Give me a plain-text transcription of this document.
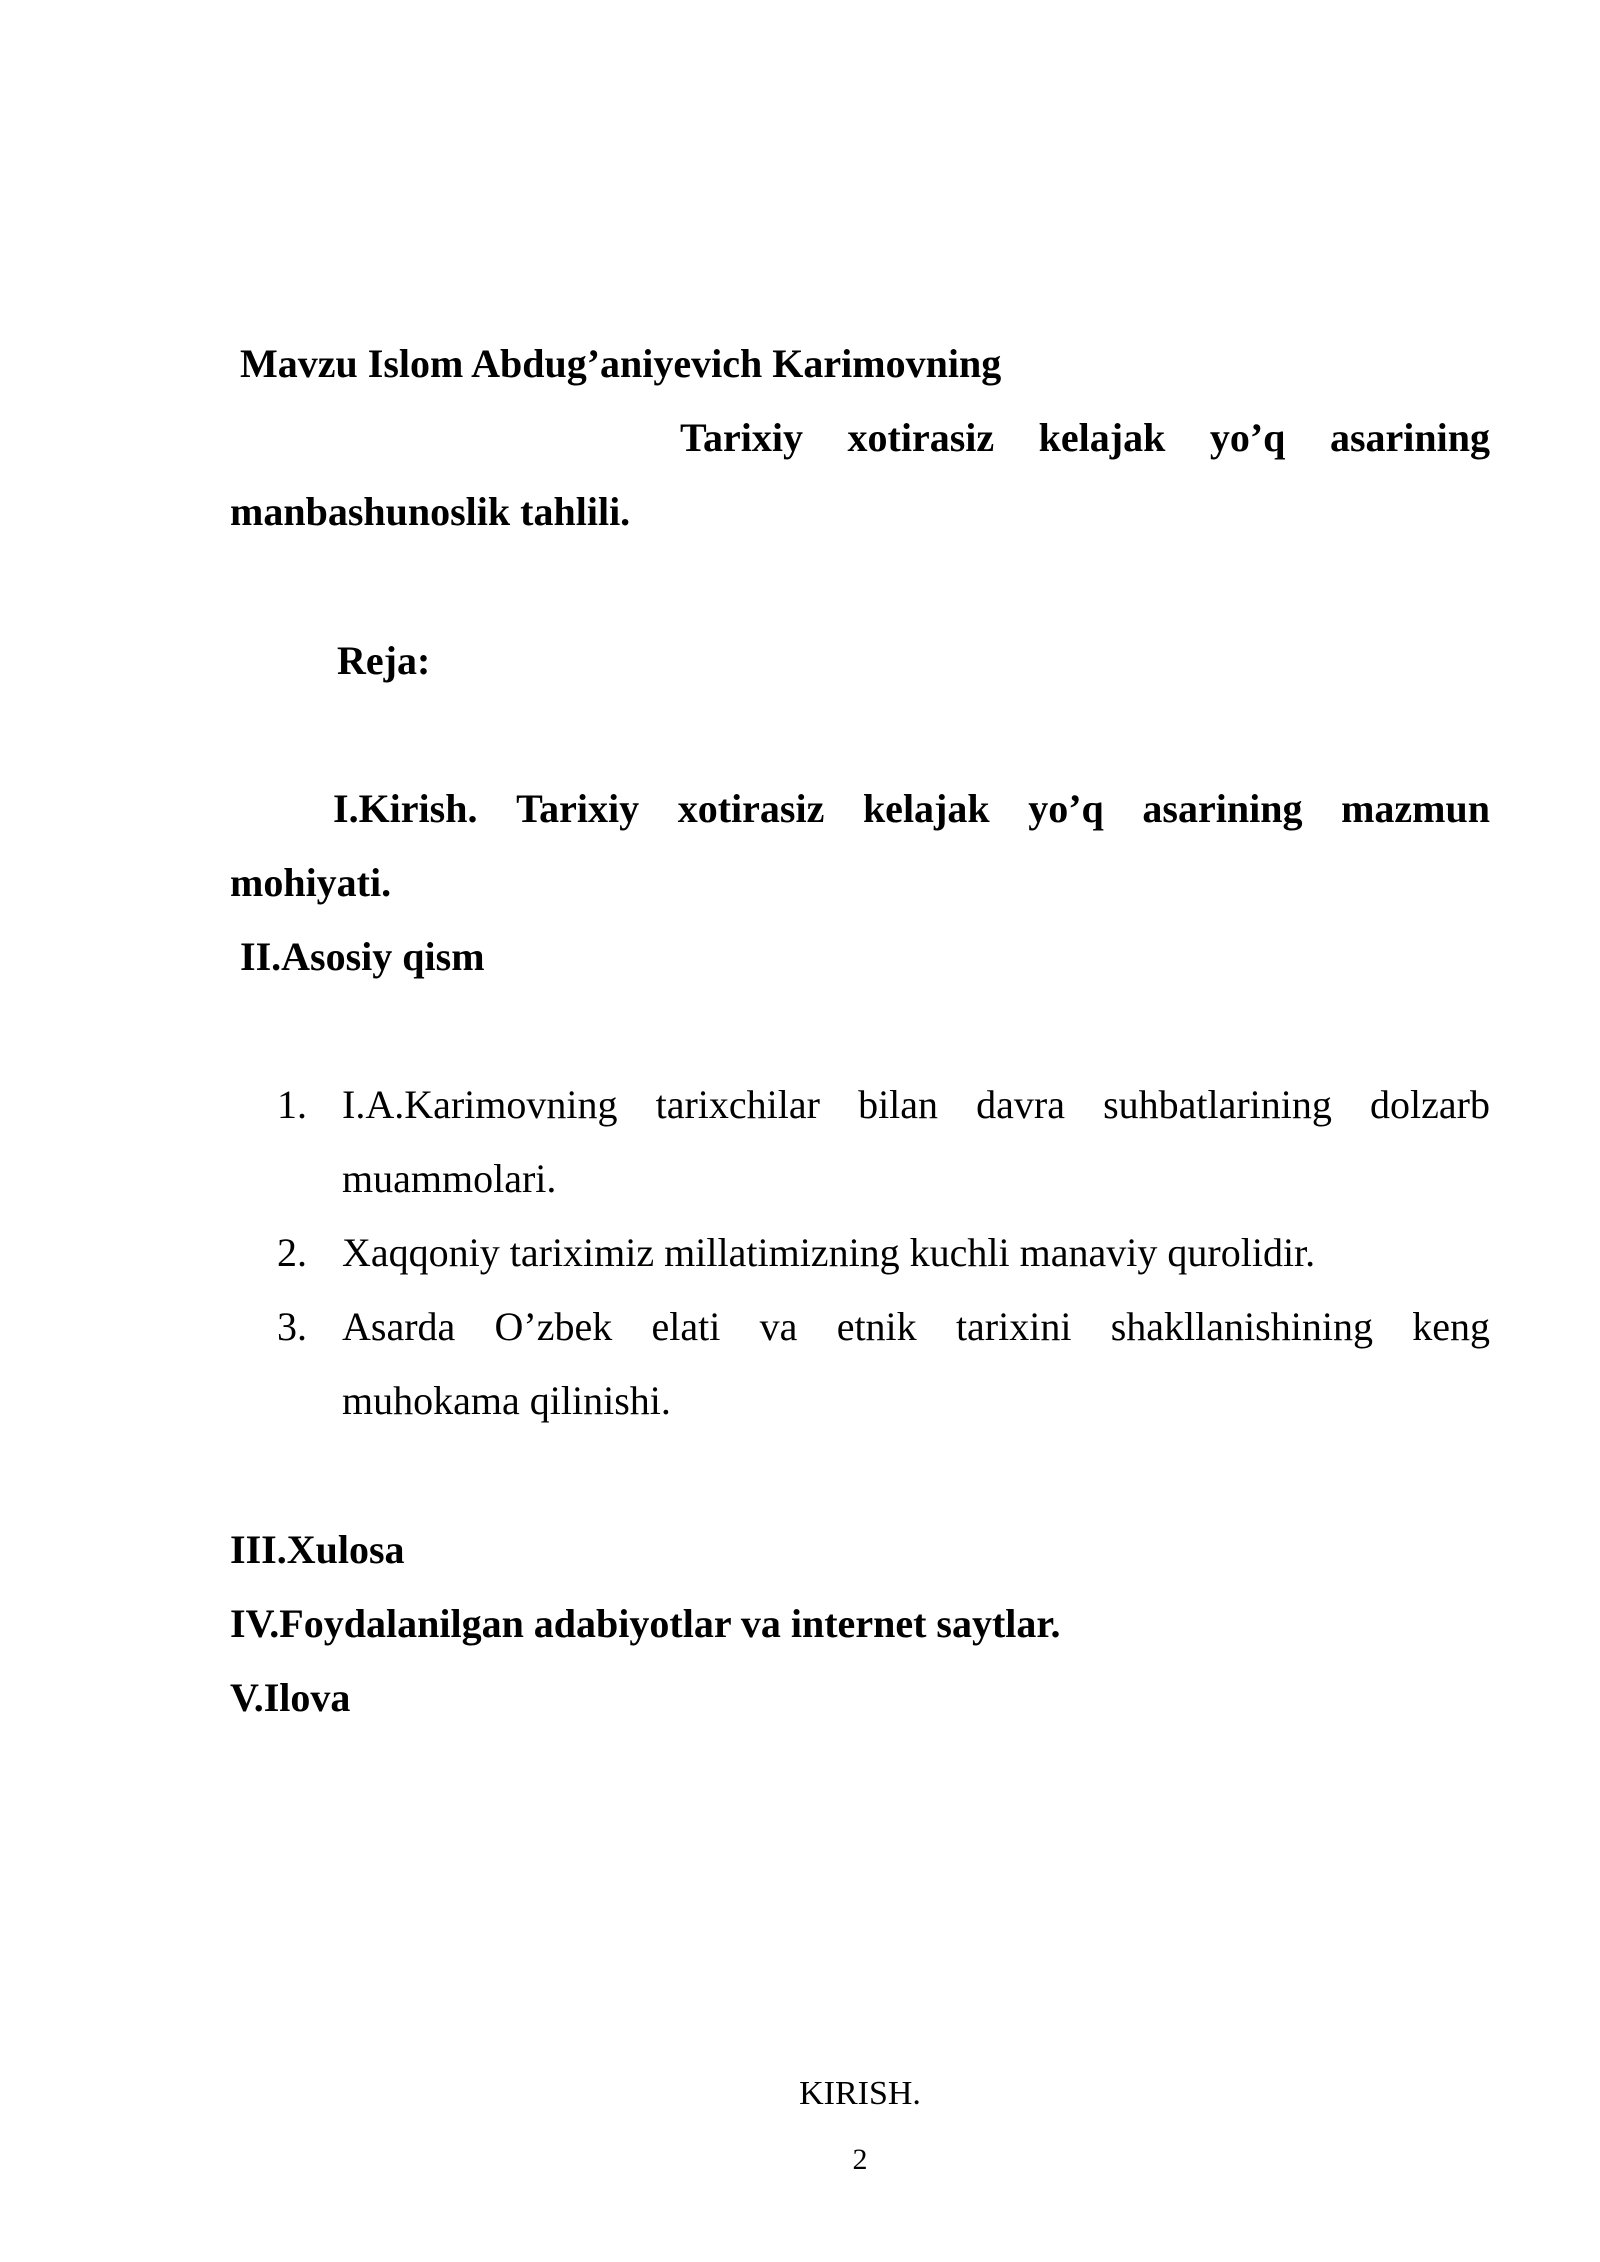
Mavzu Islom Abdug’aniyevich Karimovning
Tarixiy xotirasiz kelajak yo’q asarining
manbashunoslik tahlili.
Reja:
I.Kirish. Tarixiy xotirasiz kelajak yo’q asarining mazmun
mohiyati.
II.Asosiy qism
1. I.A.Karimovning tarixchilar bilan davra suhbatlarining dolzarb
muammolari.
2. Xaqqoniy tariximiz millatimizning kuchli manaviy qurolidir.
3. Asarda O’zbek elati va etnik tarixini shakllanishining keng
muhokama qilinishi.
III.Xulosa
IV.Foydalanilgan adabiyotlar va internet saytlar.
V.Ilova
KIRISH.
2
